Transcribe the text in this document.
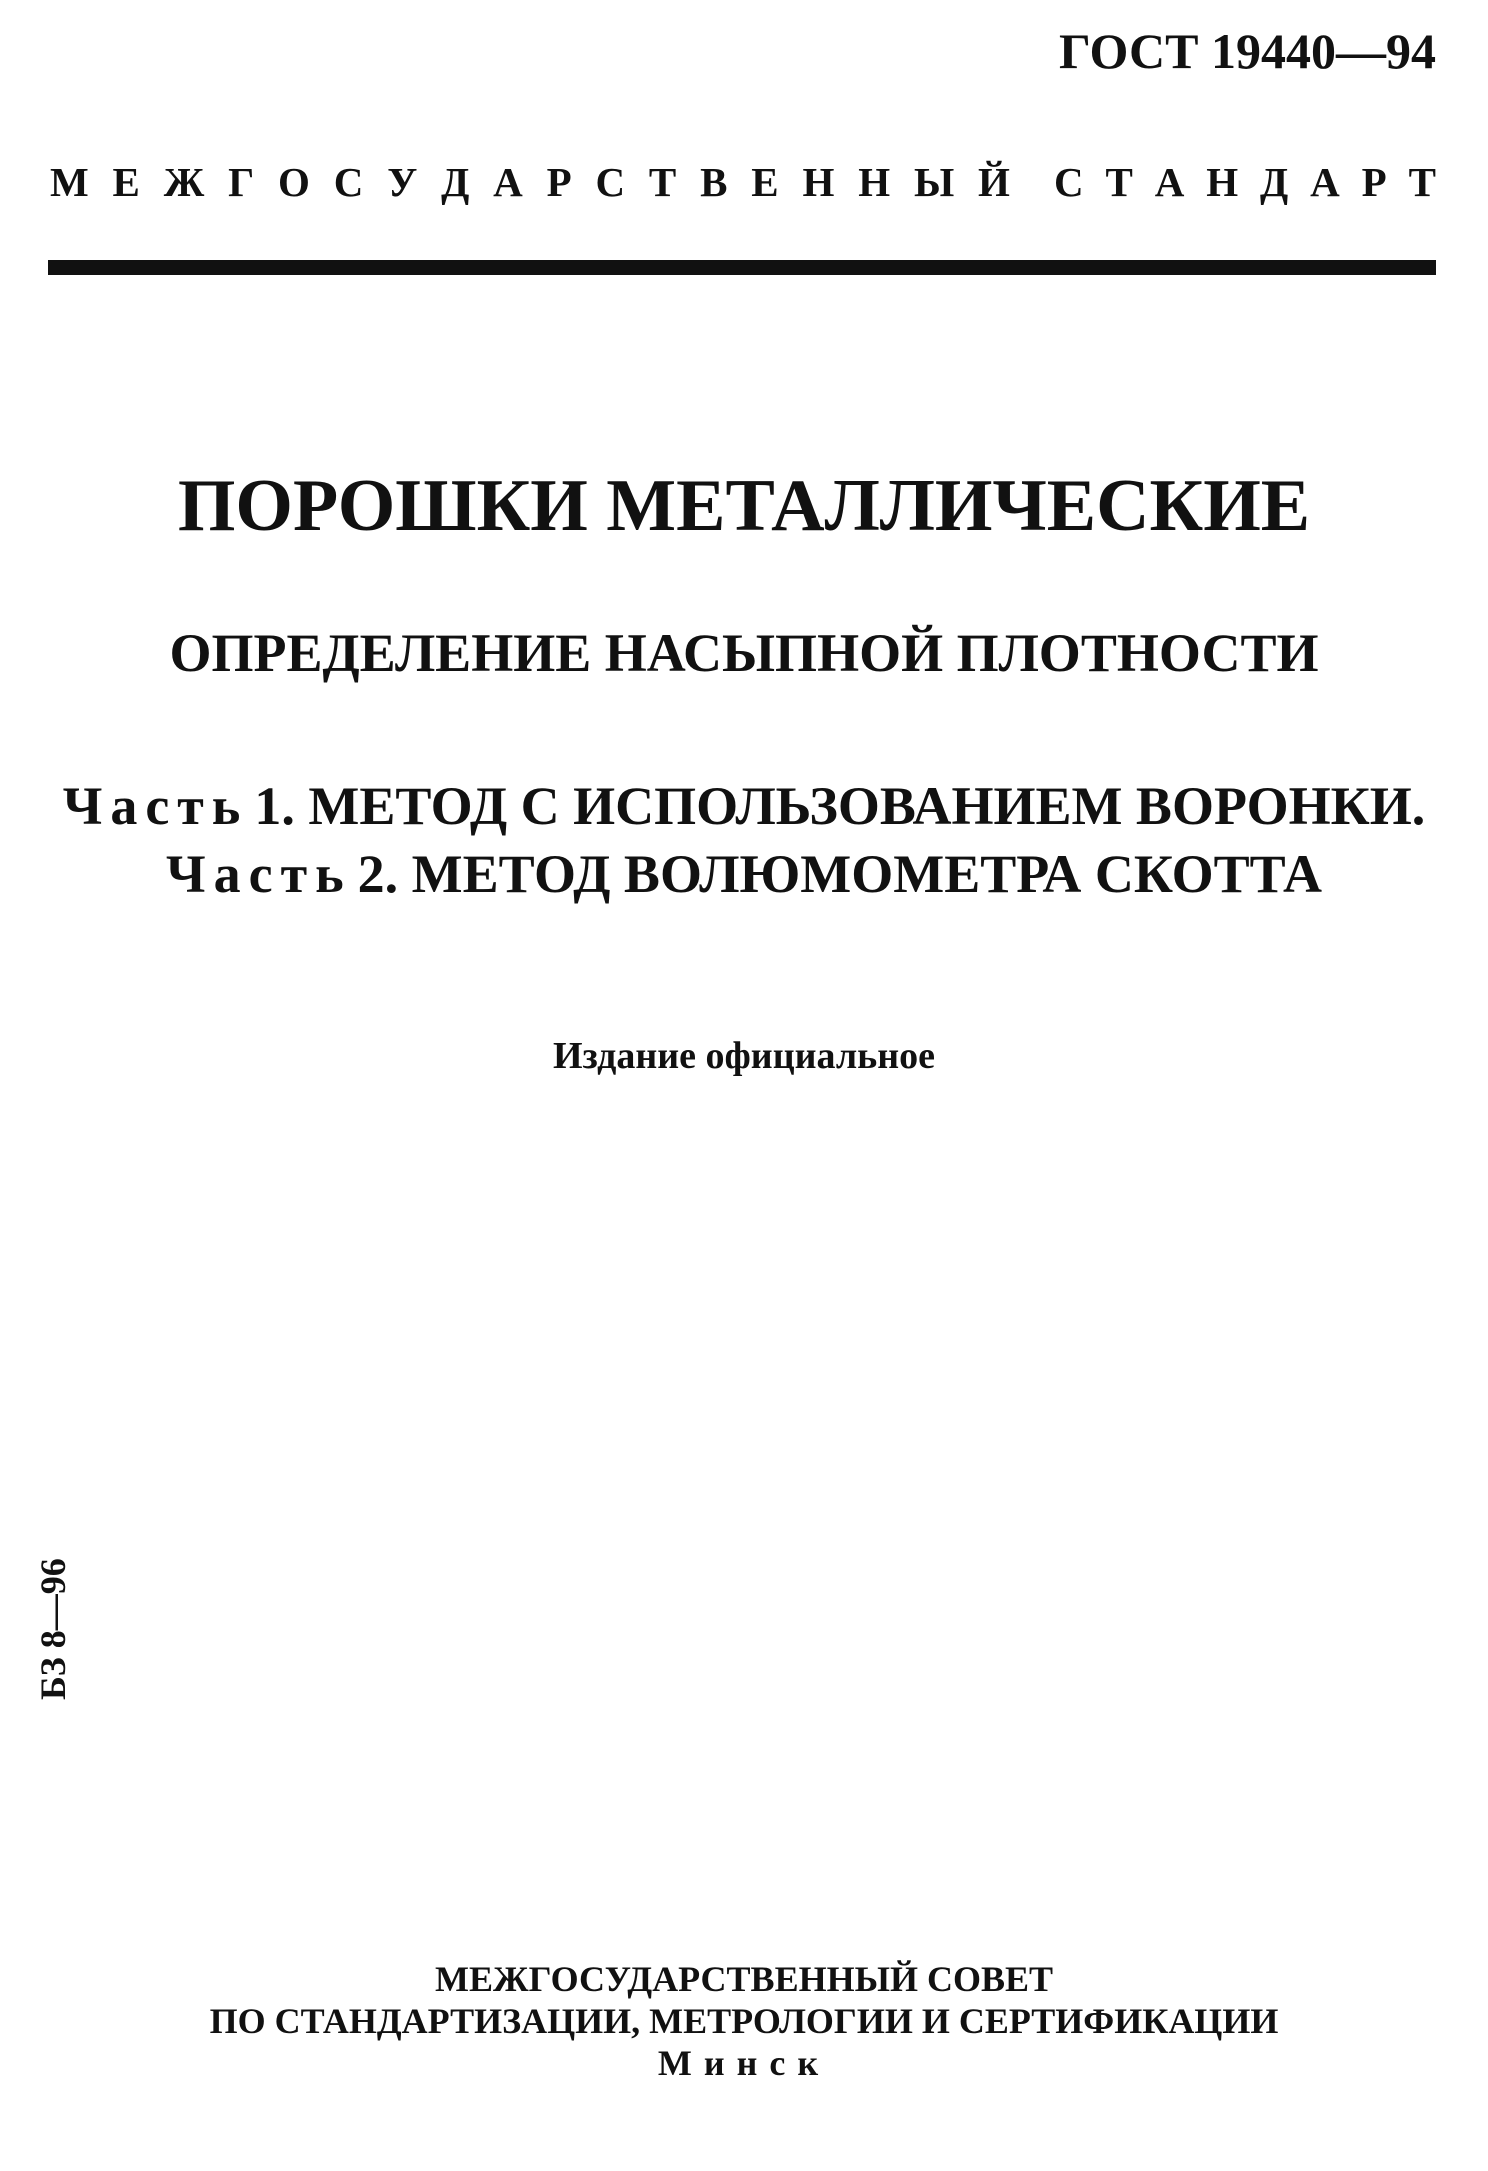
ГОСТ 19440—94
М Е Ж Г О С У Д А Р С Т В Е Н Н Ы Й С Т А Н Д А Р Т
ПОРОШКИ МЕТАЛЛИЧЕСКИЕ
ОПРЕДЕЛЕНИЕ НАСЫПНОЙ ПЛОТНОСТИ
Часть 1. МЕТОД С ИСПОЛЬЗОВАНИЕМ ВОРОНКИ.
Часть 2. МЕТОД ВОЛЮМОМЕТРА СКОТТА
Издание официальное
БЗ 8—96
МЕЖГОСУДАРСТВЕННЫЙ СОВЕТ
ПО СТАНДАРТИЗАЦИИ, МЕТРОЛОГИИ И СЕРТИФИКАЦИИ
Минск
